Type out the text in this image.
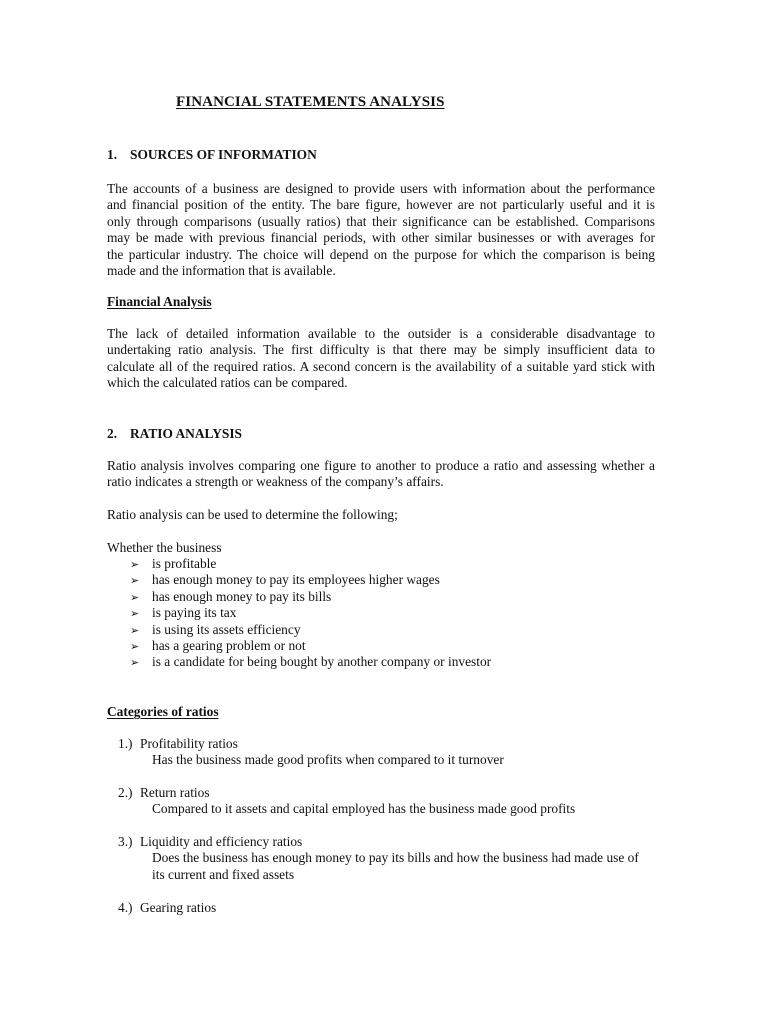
FINANCIAL STATEMENTS ANALYSIS
1. SOURCES OF INFORMATION
The accounts of a business are designed to provide users with information about the performance
and financial position of the entity. The bare figure, however are not particularly useful and it is
only through comparisons (usually ratios) that their significance can be established. Comparisons
may be made with previous financial periods, with other similar businesses or with averages for
the particular industry. The choice will depend on the purpose for which the comparison is being
made and the information that is available.
Financial Analysis
The lack of detailed information available to the outsider is a considerable disadvantage to
undertaking ratio analysis. The first difficulty is that there may be simply insufficient data to
calculate all of the required ratios. A second concern is the availability of a suitable yard stick with
which the calculated ratios can be compared.
2. RATIO ANALYSIS
Ratio analysis involves comparing one figure to another to produce a ratio and assessing whether a
ratio indicates a strength or weakness of the company’s affairs.
Ratio analysis can be used to determine the following;
Whether the business
➢ is profitable
➢ has enough money to pay its employees higher wages
➢ has enough money to pay its bills
➢ is paying its tax
➢ is using its assets efficiency
➢ has a gearing problem or not
➢ is a candidate for being bought by another company or investor
Categories of ratios
1.) Profitability ratios
Has the business made good profits when compared to it turnover
2.) Return ratios
Compared to it assets and capital employed has the business made good profits
3.) Liquidity and efficiency ratios
Does the business has enough money to pay its bills and how the business had made use of
its current and fixed assets
4.) Gearing ratios
